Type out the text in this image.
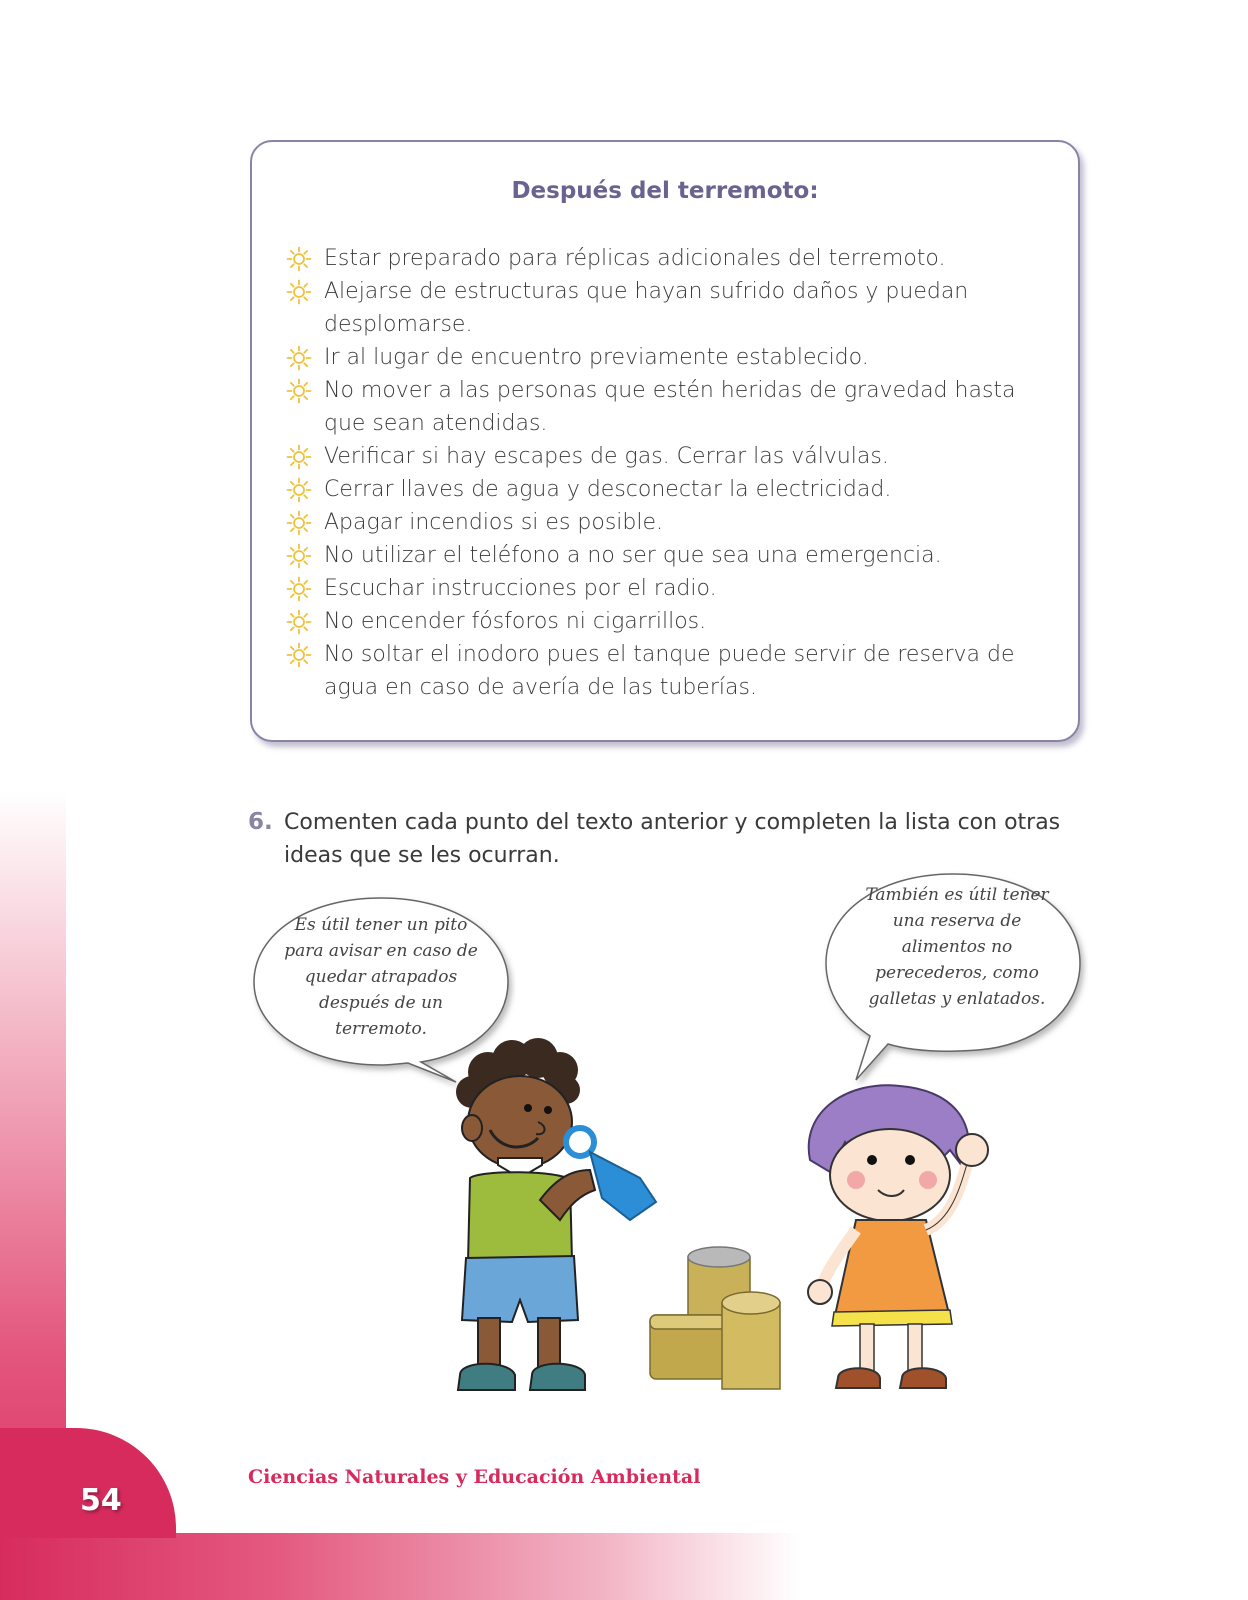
54
Ciencias Naturales y Educación Ambiental
Después del terremoto:
Estar preparado para réplicas adicionales del terremoto.
Alejarse de estructuras que hayan sufrido daños y puedan desplomarse.
Ir al lugar de encuentro previamente establecido.
No mover a las personas que estén heridas de gravedad hasta que sean atendidas.
Verificar si hay escapes de gas. Cerrar las válvulas.
Cerrar llaves de agua y desconectar la electricidad.
Apagar incendios si es posible.
No utilizar el teléfono a no ser que sea una emergencia.
Escuchar instrucciones por el radio.
No encender fósforos ni cigarrillos.
No soltar el inodoro pues el tanque puede servir de reserva de agua en caso de avería de las tuberías.
6. Comenten cada punto del texto anterior y completen la lista con otras ideas que se les ocurran.
Es útil tener un pito para avisar en caso de quedar atrapados después de un terremoto.
También es útil tener una reserva de alimentos no perecederos, como galletas y enlatados.
